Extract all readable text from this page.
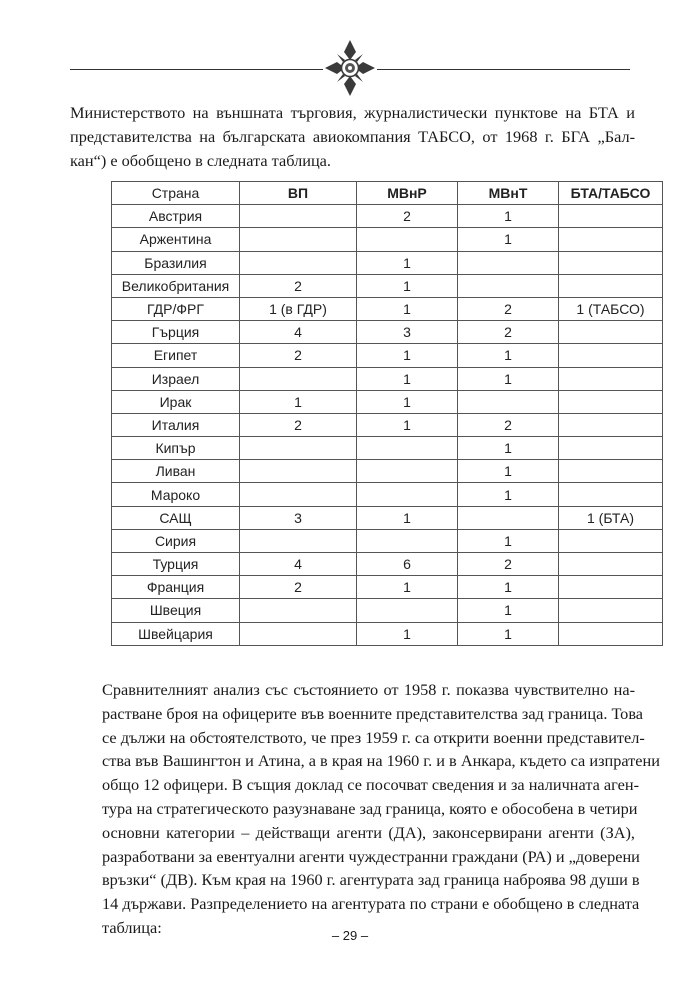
Министерството на външната търговия, журналистически пунктове на БТА и
представителства на българската авиокомпания ТАБСО, от 1968 г. БГА „Бал-
кан“) е обобщено в следната таблица.
Страна	ВП	МВнР	МВнТ	БТА/ТАБСО
Австрия		2	1	
Аржентина			1	
Бразилия		1		
Великобритания	2	1		
ГДР/ФРГ	1 (в ГДР)	1	2	1 (ТАБСО)
Гърция	4	3	2	
Египет	2	1	1	
Израел		1	1	
Ирак	1	1		
Италия	2	1	2	
Кипър			1	
Ливан			1	
Мароко			1	
САЩ	3	1		1 (БТА)
Сирия			1	
Турция	4	6	2	
Франция	2	1	1	
Швеция			1	
Швейцария		1	1	
Сравнителният анализ със състоянието от 1958 г. показва чувствително на-
растване броя на офицерите във военните представителства зад граница. Това
се дължи на обстоятелството, че през 1959 г. са открити военни представител-
ства във Вашингтон и Атина, а в края на 1960 г. и в Анкара, където са изпратени
общо 12 офицери. В същия доклад се посочват сведения и за наличната аген-
тура на стратегическото разузнаване зад граница, която е обособена в четири
основни категории – действащи агенти (ДА), законсервирани агенти (ЗА),
разработвани за евентуални агенти чуждестранни граждани (РА) и „доверени
връзки“ (ДВ). Към края на 1960 г. агентурата зад граница наброява 98 души в
14 държави. Разпределението на агентурата по страни е обобщено в следната
таблица:	– 29 –
